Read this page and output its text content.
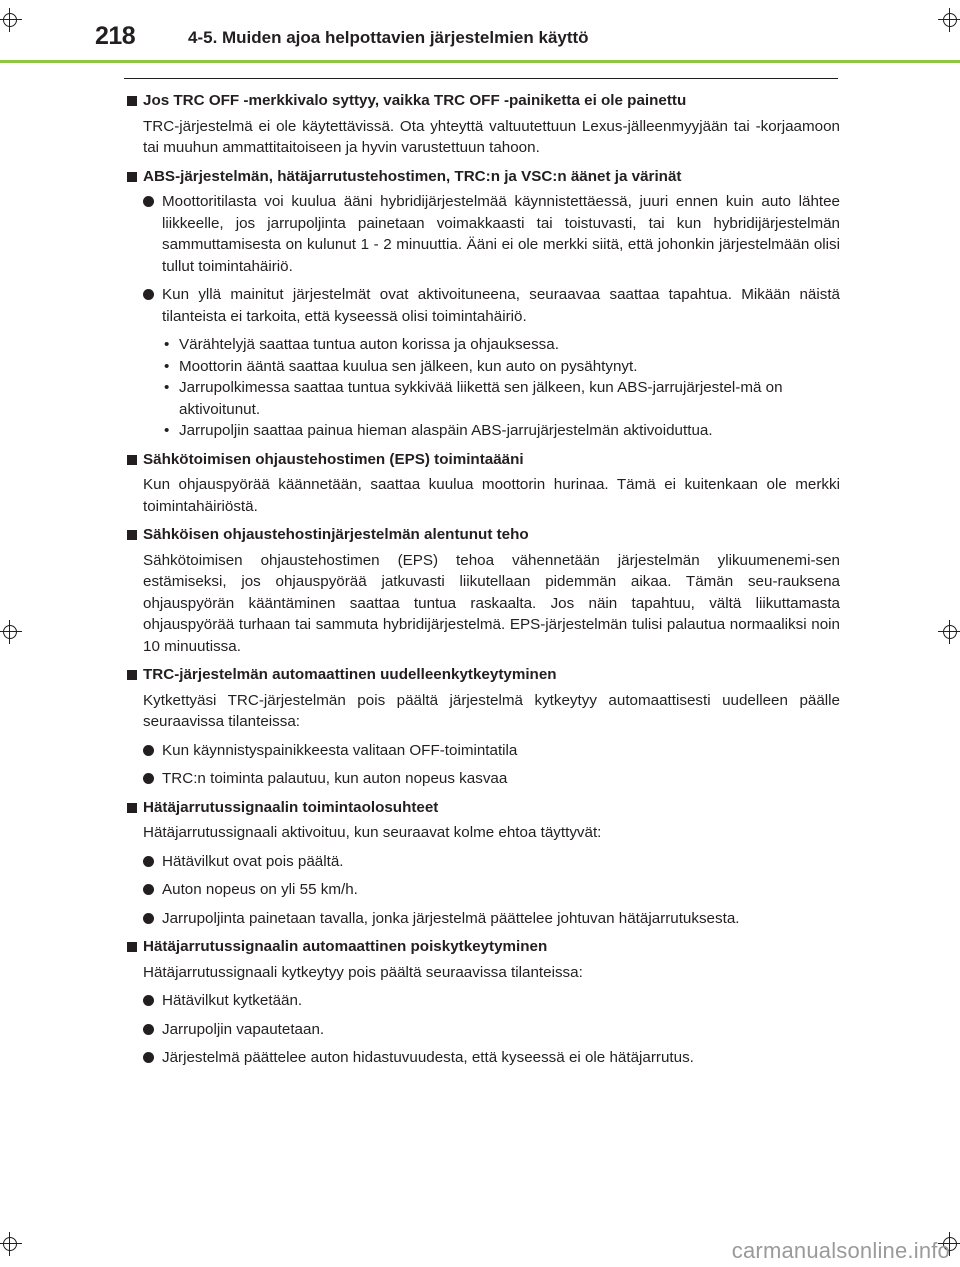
218	4-5. Muiden ajoa helpottavien järjestelmien käyttö
Jos TRC OFF -merkkivalo syttyy, vaikka TRC OFF -painiketta ei ole painettu
TRC-järjestelmä ei ole käytettävissä. Ota yhteyttä valtuutettuun Lexus-jälleenmyyjään tai -korjaamoon tai muuhun ammattitaitoiseen ja hyvin varustettuun tahoon.
ABS-järjestelmän, hätäjarrutustehostimen, TRC:n ja VSC:n äänet ja värinät
Moottoritilasta voi kuulua ääni hybridijärjestelmää käynnistettäessä, juuri ennen kuin auto lähtee liikkeelle, jos jarrupoljinta painetaan voimakkaasti tai toistuvasti, tai kun hybridijärjestelmän sammuttamisesta on kulunut 1 - 2 minuuttia. Ääni ei ole merkki siitä, että johonkin järjestelmään olisi tullut toimintahäiriö.
Kun yllä mainitut järjestelmät ovat aktivoituneena, seuraavaa saattaa tapahtua. Mikään näistä tilanteista ei tarkoita, että kyseessä olisi toimintahäiriö.
• Värähtelyjä saattaa tuntua auton korissa ja ohjauksessa.
• Moottorin ääntä saattaa kuulua sen jälkeen, kun auto on pysähtynyt.
• Jarrupolkimessa saattaa tuntua sykkivää liikettä sen jälkeen, kun ABS-jarrujärjestel-mä on aktivoitunut.
• Jarrupoljin saattaa painua hieman alaspäin ABS-jarrujärjestelmän aktivoiduttua.
Sähkötoimisen ohjaustehostimen (EPS) toimintaääni
Kun ohjauspyörää käännetään, saattaa kuulua moottorin hurinaa. Tämä ei kuitenkaan ole merkki toimintahäiriöstä.
Sähköisen ohjaustehostinjärjestelmän alentunut teho
Sähkötoimisen ohjaustehostimen (EPS) tehoa vähennetään järjestelmän ylikuumenemi-sen estämiseksi, jos ohjauspyörää jatkuvasti liikutellaan pidemmän aikaa. Tämän seu-rauksena ohjauspyörän kääntäminen saattaa tuntua raskaalta. Jos näin tapahtuu, vältä liikuttamasta ohjauspyörää turhaan tai sammuta hybridijärjestelmä. EPS-järjestelmän tulisi palautua normaaliksi noin 10 minuutissa.
TRC-järjestelmän automaattinen uudelleenkytkeytyminen
Kytkettyäsi TRC-järjestelmän pois päältä järjestelmä kytkeytyy automaattisesti uudelleen päälle seuraavissa tilanteissa:
Kun käynnistyspainikkeesta valitaan OFF-toimintatila
TRC:n toiminta palautuu, kun auton nopeus kasvaa
Hätäjarrutussignaalin toimintaolosuhteet
Hätäjarrutussignaali aktivoituu, kun seuraavat kolme ehtoa täyttyvät:
Hätävilkut ovat pois päältä.
Auton nopeus on yli 55 km/h.
Jarrupoljinta painetaan tavalla, jonka järjestelmä päättelee johtuvan hätäjarrutuksesta.
Hätäjarrutussignaalin automaattinen poiskytkeytyminen
Hätäjarrutussignaali kytkeytyy pois päältä seuraavissa tilanteissa:
Hätävilkut kytketään.
Jarrupoljin vapautetaan.
Järjestelmä päättelee auton hidastuvuudesta, että kyseessä ei ole hätäjarrutus.
carmanualsonline.info
